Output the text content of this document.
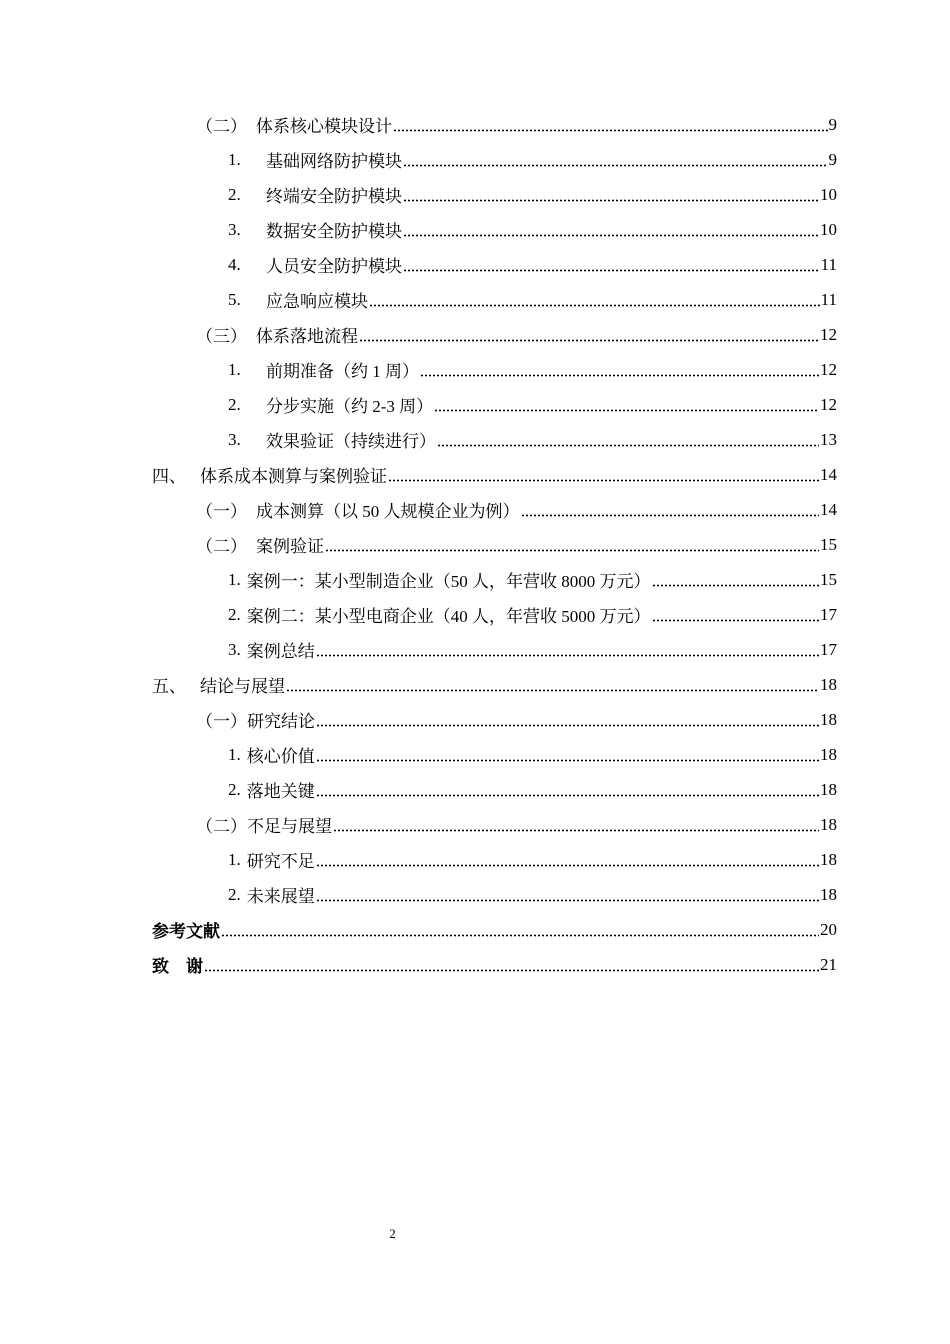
（二） 体系核心模块设计	9
1.	基础网络防护模块	9
2.	终端安全防护模块	10
3.	数据安全防护模块	10
4.	人员安全防护模块	11
5.	应急响应模块	11
（三） 体系落地流程	12
1.	前期准备（约 1 周）	12
2.	分步实施（约 2-3 周）	12
3.	效果验证（持续进行）	13
四、 体系成本测算与案例验证	14
（一） 成本测算（以 50 人规模企业为例）	14
（二） 案例验证	15
1. 案例一：某小型制造企业（50 人，年营收 8000 万元）	15
2. 案例二：某小型电商企业（40 人，年营收 5000 万元）	17
3. 案例总结	17
五、 结论与展望	18
（一） 研究结论	18
1. 核心价值	18
2. 落地关键	18
（二） 不足与展望	18
1. 研究不足	18
2. 未来展望	18
参考文献	20
致　谢	21
2
